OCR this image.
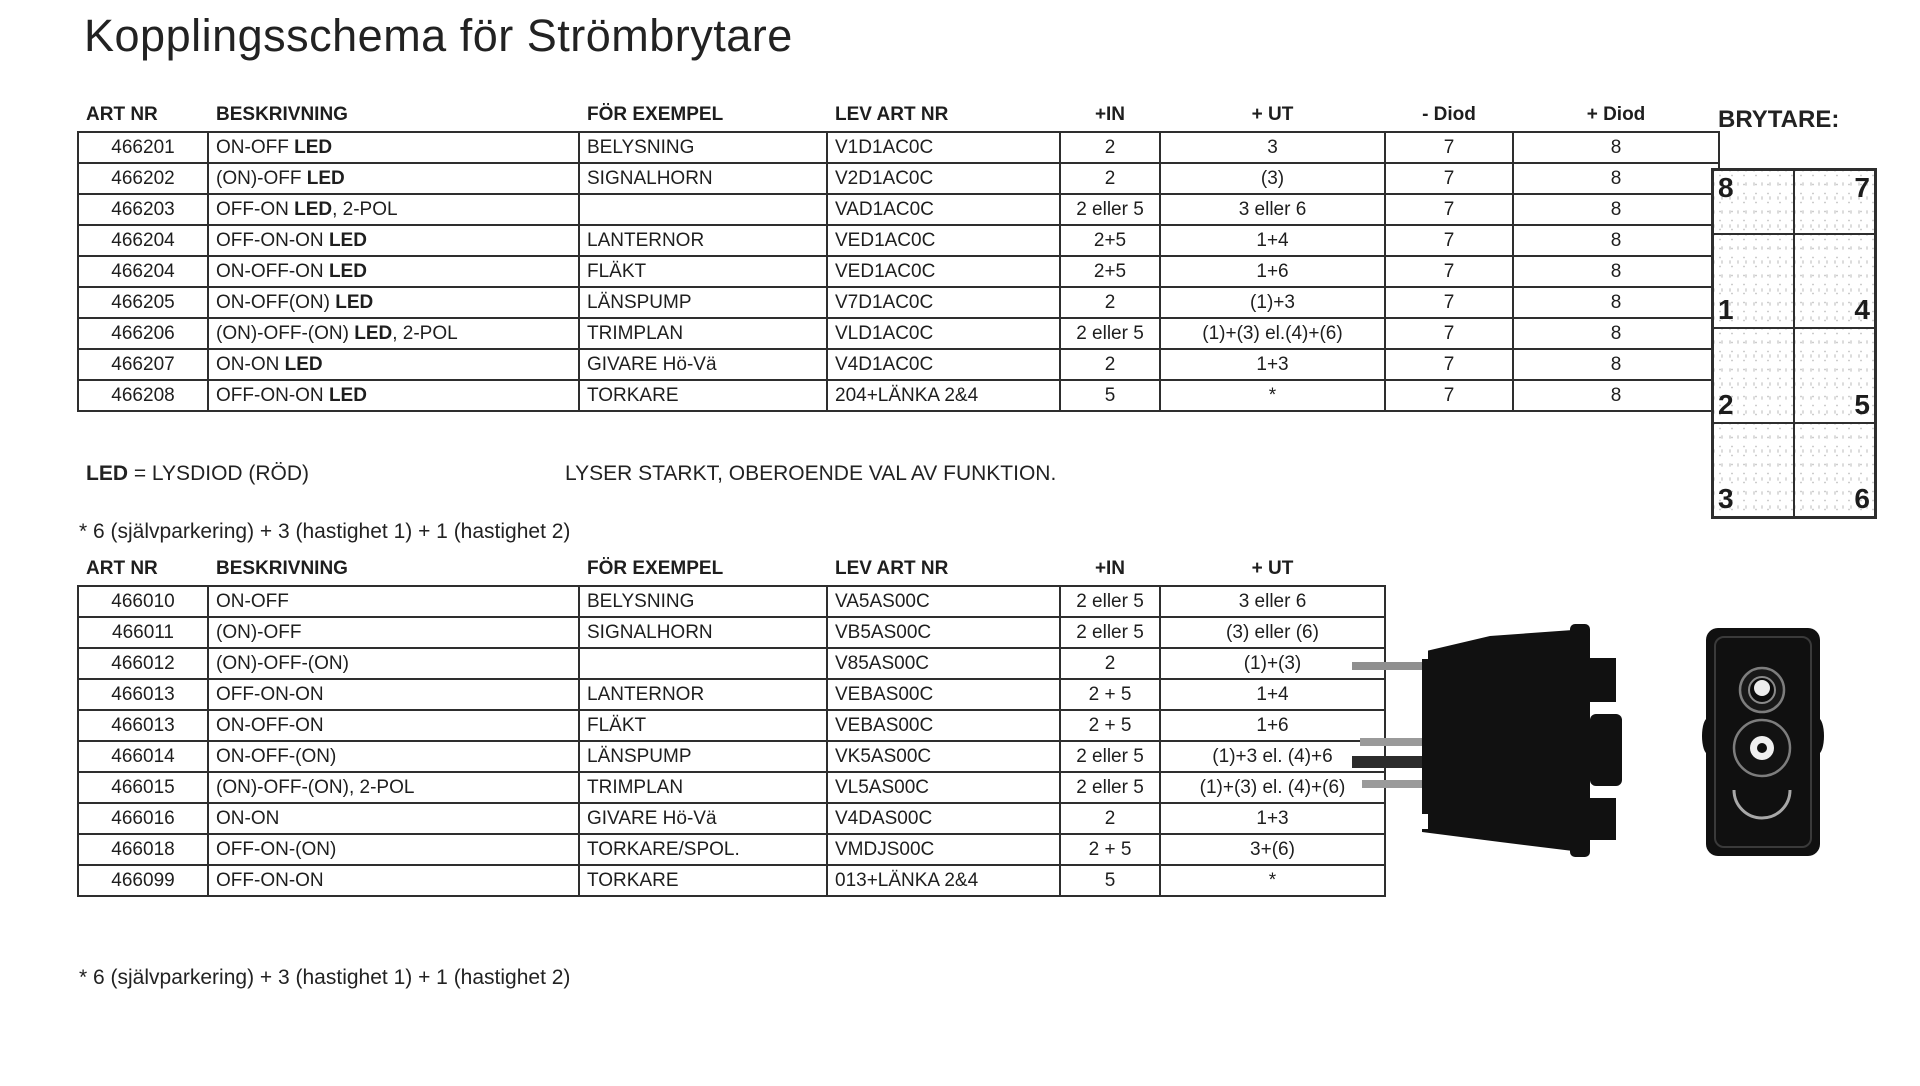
Kopplingsschema för Strömbrytare
ART NR	BESKRIVNING	FÖR EXEMPEL	LEV ART NR	+IN	+ UT	- Diod	+ Diod
466201	ON-OFF LED	BELYSNING	V1D1AC0C	2	3	7	8
466202	(ON)-OFF LED	SIGNALHORN	V2D1AC0C	2	(3)	7	8
466203	OFF-ON LED, 2-POL		VAD1AC0C	2 eller 5	3 eller 6	7	8
466204	OFF-ON-ON LED	LANTERNOR	VED1AC0C	2+5	1+4	7	8
466204	ON-OFF-ON LED	FLÄKT	VED1AC0C	2+5	1+6	7	8
466205	ON-OFF(ON) LED	LÄNSPUMP	V7D1AC0C	2	(1)+3	7	8
466206	(ON)-OFF-(ON) LED, 2-POL	TRIMPLAN	VLD1AC0C	2 eller 5	(1)+(3) el.(4)+(6)	7	8
466207	ON-ON LED	GIVARE Hö-Vä	V4D1AC0C	2	1+3	7	8
466208	OFF-ON-ON LED	TORKARE	204+LÄNKA 2&4	5	*	7	8
LED = LYSDIOD (RÖD)	LYSER STARKT, OBEROENDE VAL AV FUNKTION.
* 6 (självparkering) + 3 (hastighet 1) + 1 (hastighet 2)
ART NR	BESKRIVNING	FÖR EXEMPEL	LEV ART NR	+IN	+ UT
466010	ON-OFF	BELYSNING	VA5AS00C	2 eller 5	3 eller 6
466011	(ON)-OFF	SIGNALHORN	VB5AS00C	2 eller 5	(3) eller (6)
466012	(ON)-OFF-(ON)		V85AS00C	2	(1)+(3)
466013	OFF-ON-ON	LANTERNOR	VEBAS00C	2 + 5	1+4
466013	ON-OFF-ON	FLÄKT	VEBAS00C	2 + 5	1+6
466014	ON-OFF-(ON)	LÄNSPUMP	VK5AS00C	2 eller 5	(1)+3 el. (4)+6
466015	(ON)-OFF-(ON), 2-POL	TRIMPLAN	VL5AS00C	2 eller 5	(1)+(3) el. (4)+(6)
466016	ON-ON	GIVARE Hö-Vä	V4DAS00C	2	1+3
466018	OFF-ON-(ON)	TORKARE/SPOL.	VMDJS00C	2 + 5	3+(6)
466099	OFF-ON-ON	TORKARE	013+LÄNKA 2&4	5	*
* 6 (självparkering) + 3 (hastighet 1) + 1 (hastighet 2)
BRYTARE:
8	7
1	4
2	5
3	6
